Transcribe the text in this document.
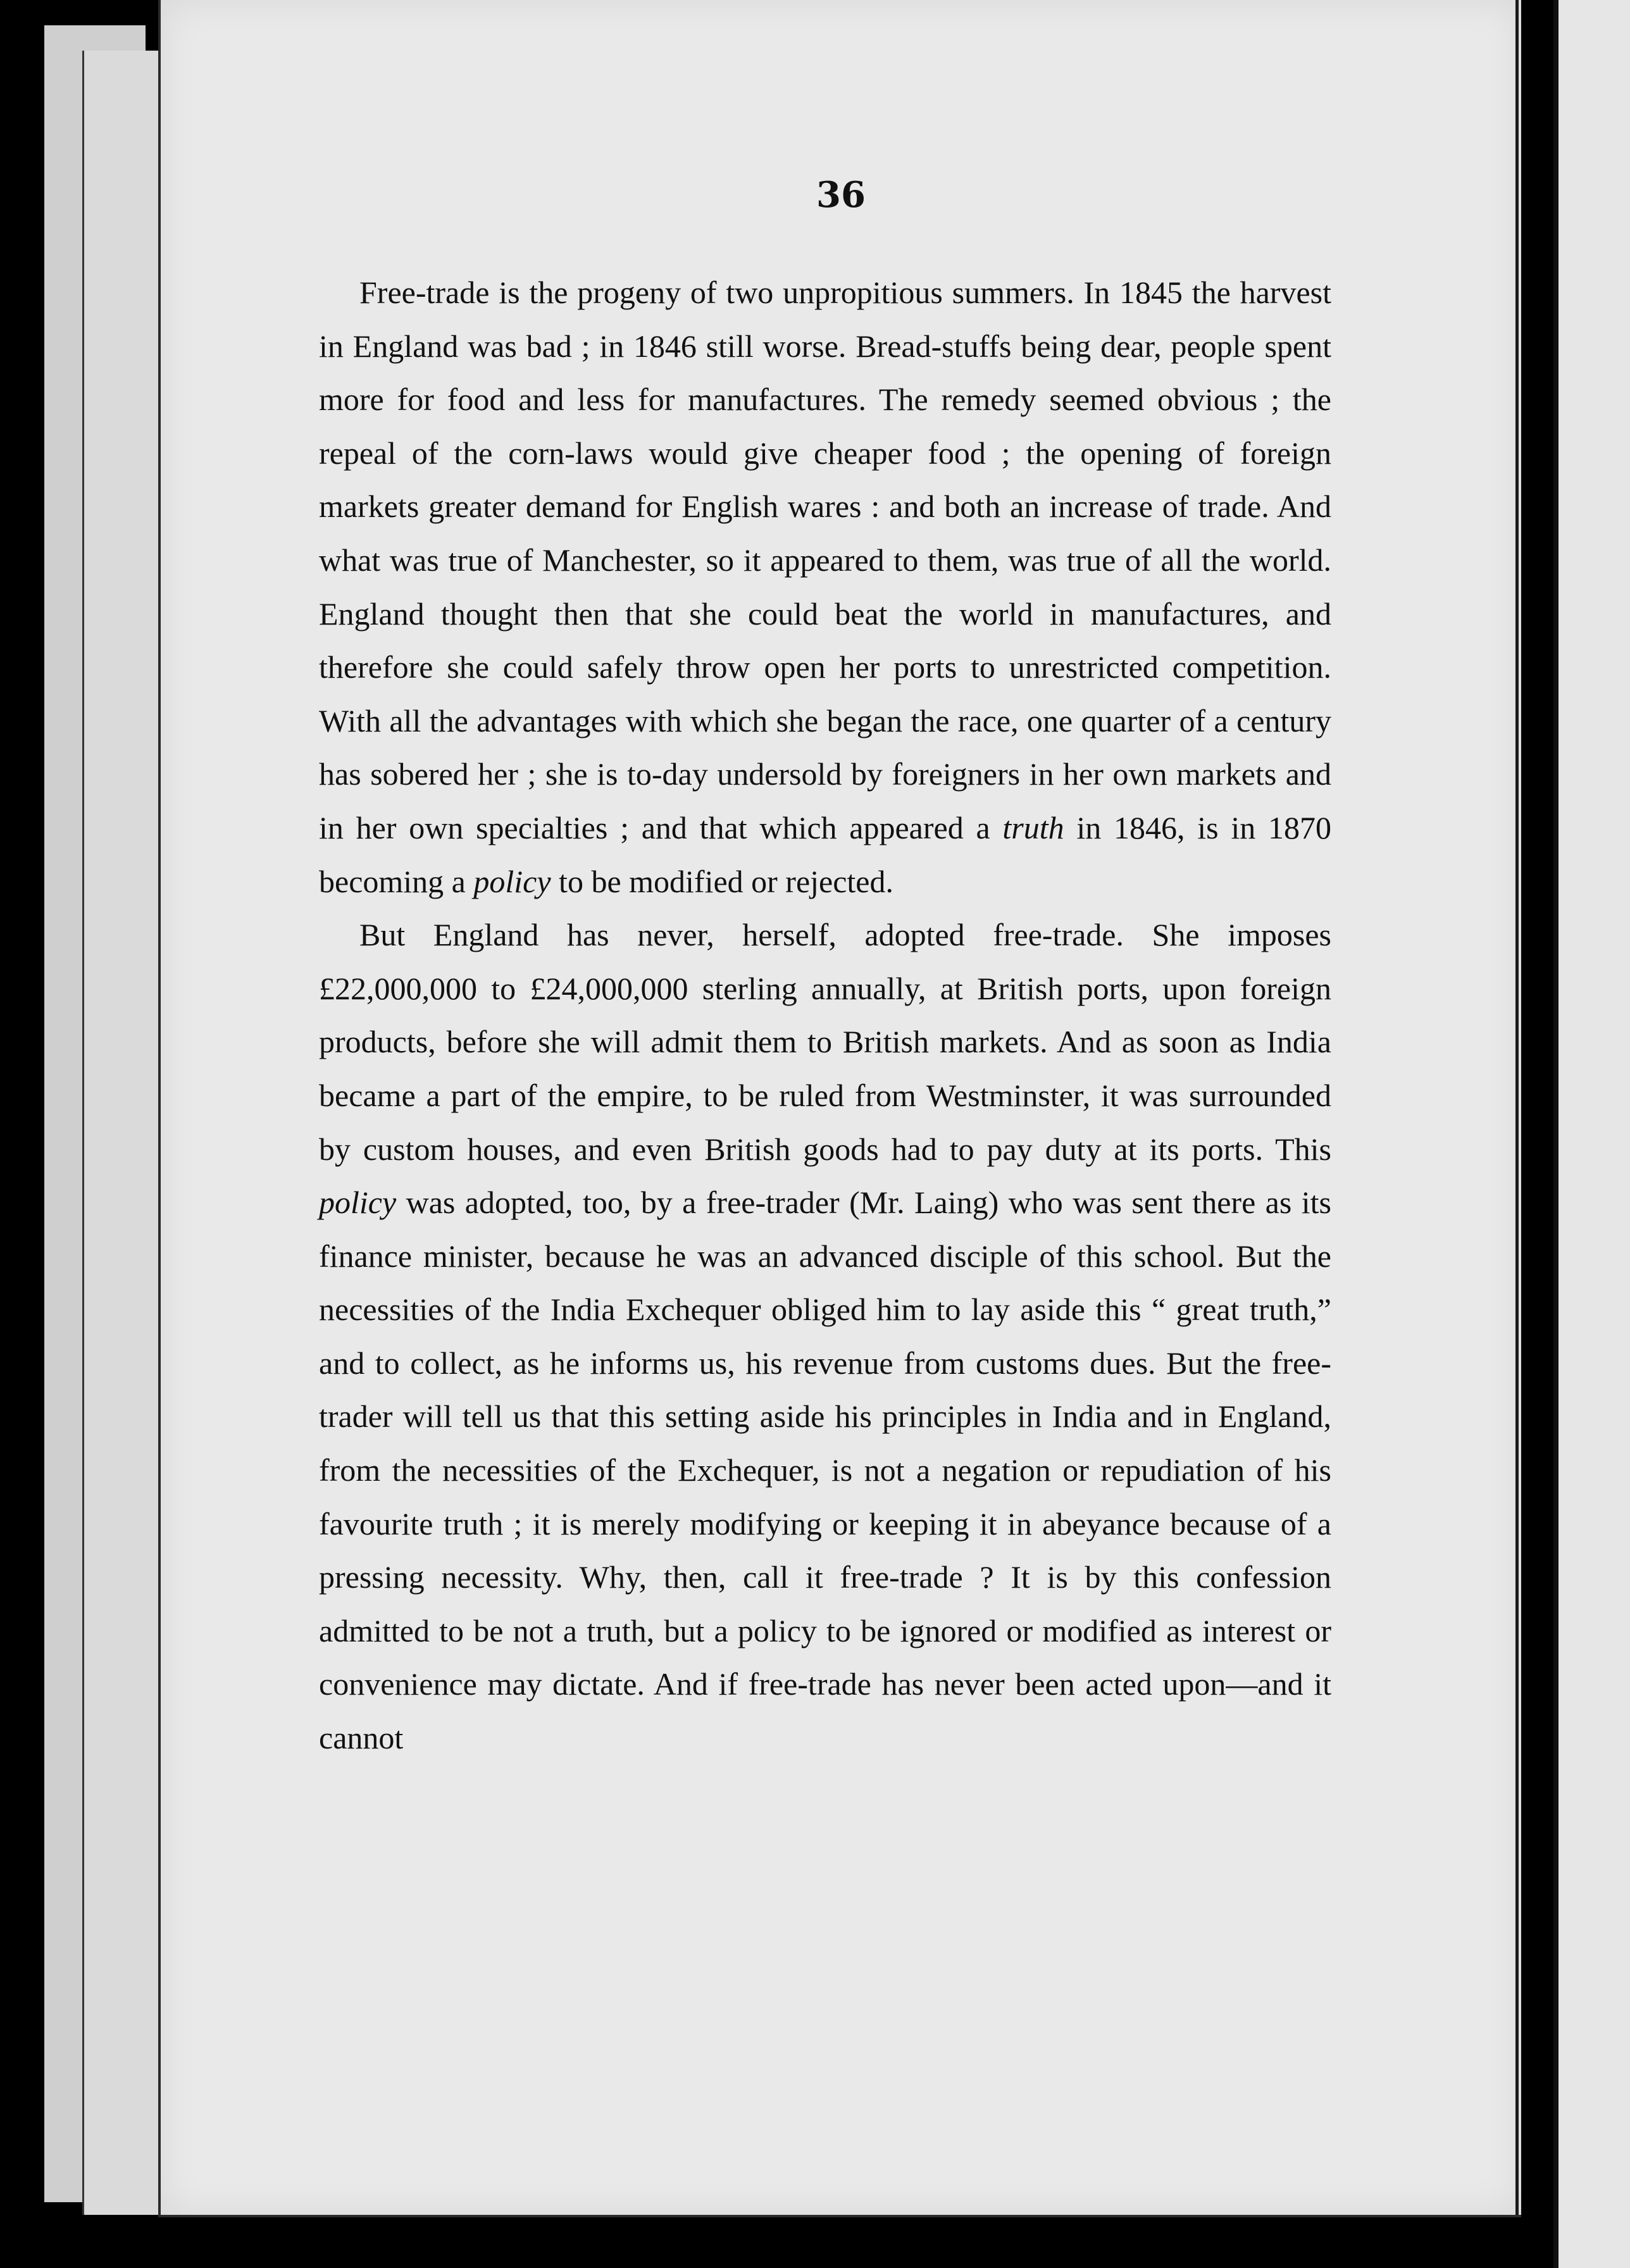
36

Free-trade is the progeny of two unpropitious summers. In 1845 the harvest in England was bad ; in 1846 still worse. Bread-stuffs being dear, people spent more for food and less for manufactures. The remedy seemed obvious ; the repeal of the corn-laws would give cheaper food ; the opening of foreign markets greater demand for English wares : and both an increase of trade. And what was true of Manchester, so it appeared to them, was true of all the world. England thought then that she could beat the world in manufactures, and therefore she could safely throw open her ports to unrestricted competition. With all the advantages with which she began the race, one quarter of a century has sobered her ; she is to-day undersold by foreigners in her own markets and in her own specialties ; and that which appeared a truth in 1846, is in 1870 becoming a policy to be modified or rejected.

But England has never, herself, adopted free-trade. She imposes £22,000,000 to £24,000,000 sterling annually, at British ports, upon foreign products, before she will admit them to British markets. And as soon as India became a part of the empire, to be ruled from Westminster, it was surrounded by custom houses, and even British goods had to pay duty at its ports. This policy was adopted, too, by a free-trader (Mr. Laing) who was sent there as its finance minister, because he was an advanced disciple of this school. But the necessities of the India Exchequer obliged him to lay aside this “ great truth,” and to collect, as he informs us, his revenue from customs dues. But the free-trader will tell us that this setting aside his principles in India and in England, from the necessities of the Exchequer, is not a negation or repudiation of his favourite truth ; it is merely modifying or keeping it in abeyance because of a pressing necessity. Why, then, call it free-trade ? It is by this confession admitted to be not a truth, but a policy to be ignored or modified as interest or convenience may dictate. And if free-trade has never been acted upon—and it cannot
